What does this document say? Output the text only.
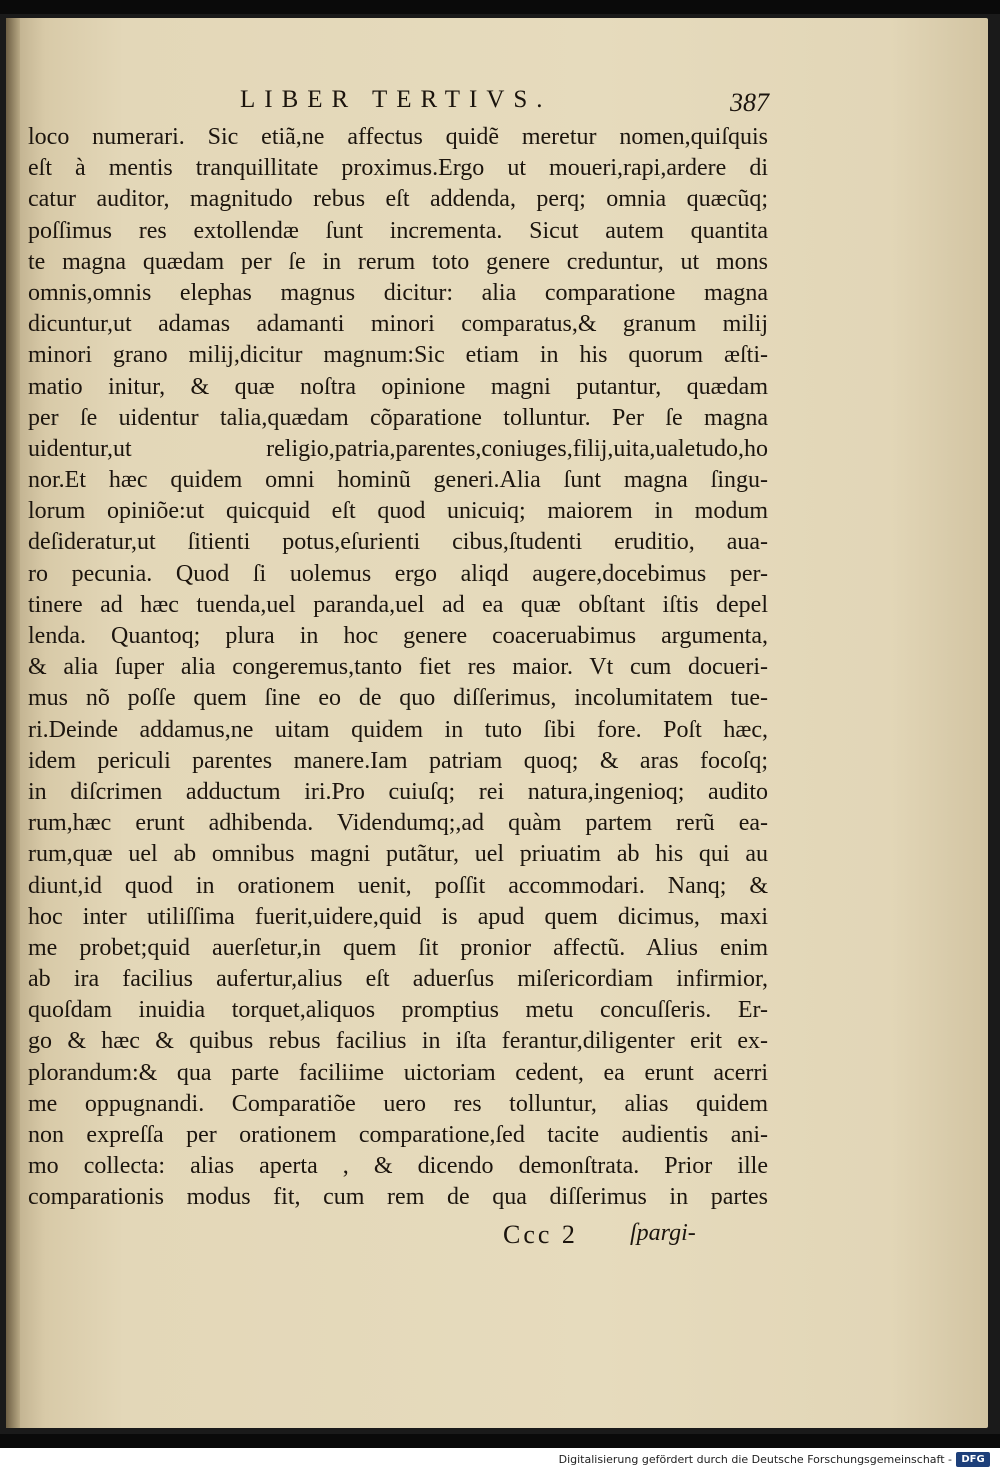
LIBER TERTIVS.	387
loco numerari. Sic etiã,ne affectus quidẽ meretur nomen,quiſquis
eſt à mentis tranquillitate proximus.Ergo ut moueri,rapi,ardere di
catur auditor, magnitudo rebus eſt addenda, perq; omnia quæcũq;
poſſimus res extollendæ ſunt incrementa. Sicut autem quantita
te magna quædam per ſe in rerum toto genere creduntur, ut mons
omnis,omnis elephas magnus dicitur: alia comparatione magna
dicuntur,ut adamas adamanti minori comparatus,& granum milij
minori grano milij,dicitur magnum:Sic etiam in his quorum æſti-
matio initur, & quæ noſtra opinione magni putantur, quædam
per ſe uidentur talia,quædam cõparatione tolluntur. Per ſe magna
uidentur,ut religio,patria,parentes,coniuges,filij,uita,ualetudo,ho
nor.Et hæc quidem omni hominũ generi.Alia ſunt magna ſingu-
lorum opiniõe:ut quicquid eſt quod unicuiq; maiorem in modum
deſideratur,ut ſitienti potus,eſurienti cibus,ſtudenti eruditio, aua-
ro pecunia. Quod ſi uolemus ergo aliqd augere,docebimus per-
tinere ad hæc tuenda,uel paranda,uel ad ea quæ obſtant iſtis depel
lenda. Quantoq; plura in hoc genere coaceruabimus argumenta,
& alia ſuper alia congeremus,tanto fiet res maior. Vt cum docueri-
mus nõ poſſe quem ſine eo de quo diſſerimus, incolumitatem tue-
ri.Deinde addamus,ne uitam quidem in tuto ſibi fore. Poſt hæc,
idem periculi parentes manere.Iam patriam quoq; & aras focoſq;
in diſcrimen adductum iri.Pro cuiuſq; rei natura,ingenioq; audito
rum,hæc erunt adhibenda. Videndumq;,ad quàm partem rerũ ea-
rum,quæ uel ab omnibus magni putãtur, uel priuatim ab his qui au
diunt,id quod in orationem uenit, poſſit accommodari. Nanq; &
hoc inter utiliſſima fuerit,uidere,quid is apud quem dicimus, maxi
me probet;quid auerſetur,in quem ſit pronior affectũ. Alius enim
ab ira facilius aufertur,alius eſt aduerſus miſericordiam infirmior,
quoſdam inuidia torquet,aliquos promptius metu concuſſeris. Er-
go & hæc & quibus rebus facilius in iſta ferantur,diligenter erit ex-
plorandum:& qua parte faciliime uictoriam cedent, ea erunt acerri
me oppugnandi. Comparatiõe uero res tolluntur, alias quidem
non expreſſa per orationem comparatione,ſed tacite audientis ani-
mo collecta: alias aperta , & dicendo demonſtrata. Prior ille
comparationis modus fit, cum rem de qua diſſerimus in partes
Ccc 2 ſpargi-
Digitalisierung gefördert durch die Deutsche Forschungsgemeinschaft - DFG
